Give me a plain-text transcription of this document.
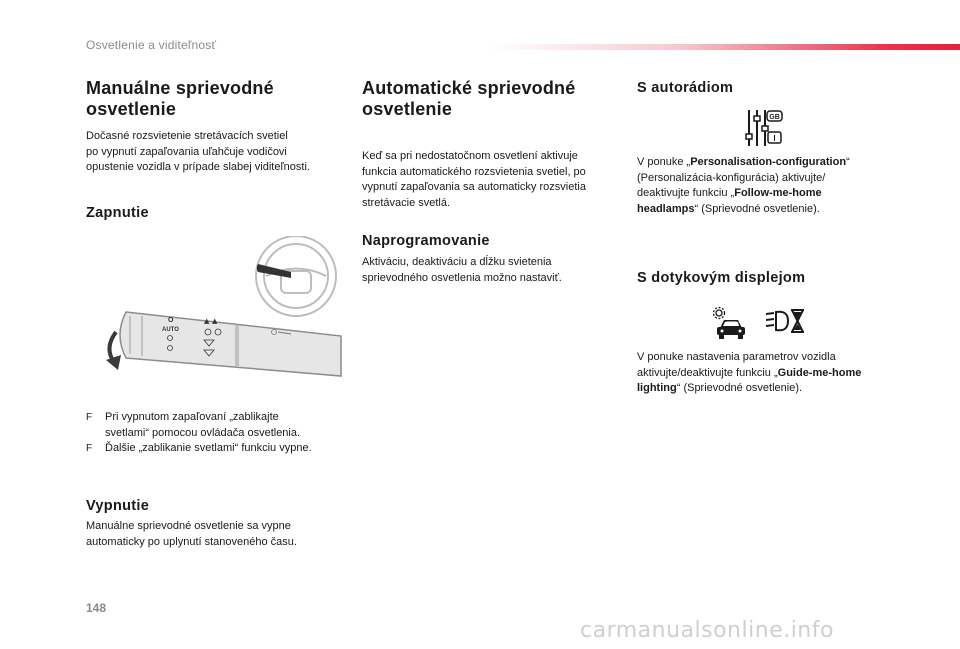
Osvetlenie a viditeľnosť
Manuálne sprievodné
osvetlenie
Dočasné rozsvietenie stretávacích svetiel
po vypnutí zapaľovania uľahčuje vodičovi
opustenie vozidla v prípade slabej viditeľnosti.
Zapnutie
O
AUTO
▲ ▲
F	Pri vypnutom zapaľovaní „zablikajte
svetlami“ pomocou ovládača osvetlenia.
F	Ďalšie „zablikanie svetlami“ funkciu vypne.
Vypnutie
Manuálne sprievodné osvetlenie sa vypne
automaticky po uplynutí stanoveného času.
Automatické sprievodné
osvetlenie
Keď sa pri nedostatočnom osvetlení aktivuje
funkcia automatického rozsvietenia svetiel, po
vypnutí zapaľovania sa automaticky rozsvietia
stretávacie svetlá.
Naprogramovanie
Aktiváciu, deaktiváciu a dĺžku svietenia
sprievodného osvetlenia možno nastaviť.
S autorádiom
GB
I
V ponuke „Personalisation-configuration“
(Personalizácia-konfigurácia) aktivujte/
deaktivujte funkciu „Follow-me-home
headlamps“ (Sprievodné osvetlenie).
S dotykovým displejom
V ponuke nastavenia parametrov vozidla
aktivujte/deaktivujte funkciu „Guide-me-home
lighting“ (Sprievodné osvetlenie).
148
carmanualsonline.info
